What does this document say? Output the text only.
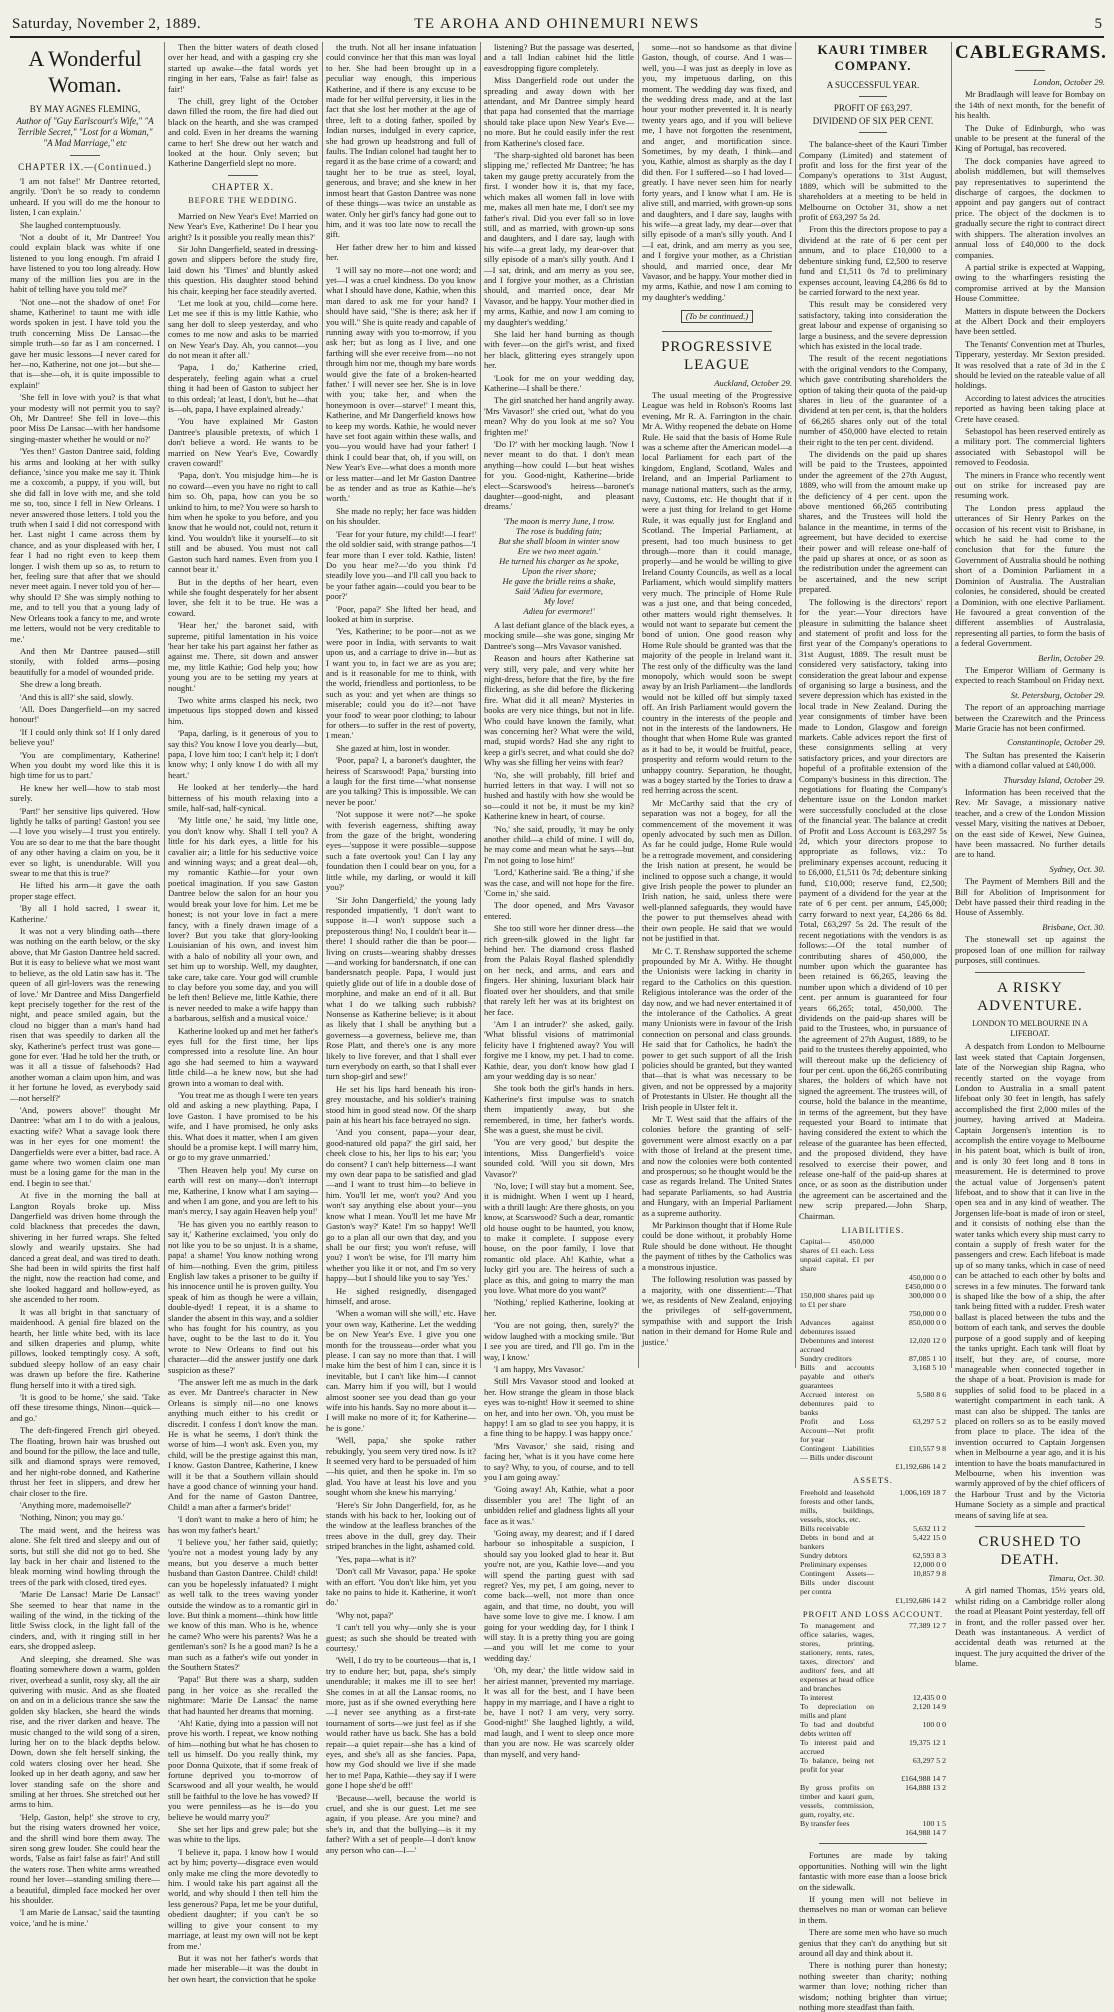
Saturday, November 2, 1889.	TE AROHA AND OHINEMURI NEWS	5
A Wonderful Woman.
BY MAY AGNES FLEMING,
Author of "Guy Earlscourt's Wife," "A Terrible Secret," "Lost for a Woman,"
"A Mad Marriage," etc
CHAPTER IX.—(Continued.)

'I am not false!' Mr Dantree retorted, angrily. 'Don't be so ready to condemn unheard. If you will do me the honour to listen, I can explain.'

She laughed contemptuously.

'Not a doubt of it, Mr Dantree! You could explain black was white if one listened to you long enough. I'm afraid I have listened to you too long already. How many of the million lies you are in the habit of telling have you told me?'

'Not one—not the shadow of one! For shame, Katherine! to taunt me with idle words spoken in jest. I have told you the truth concerning Miss De Lansac—the simple truth—so far as I am concerned. I gave her music lessons—I never cared for her—no, Katherine, not one jot—but she—that is—she—oh, it is quite impossible to explain!'

'She fell in love with you? is that what your modesty will not permit you to say? Oh, Mr Dantree! She fell in love—this poor Miss De Lansac—with her handsome singing-master whether he would or no?'

'Yes then!' Gaston Dantree said, folding his arms and looking at her with sulky defiance, 'since you make me say it. Think me a coxcomb, a puppy, if you will, but she did fall in love with me, and she told me so, too, since I fell in New Orleans. I never answered those letters. I told you the truth when I said I did not correspond with her. Last night I came across them by chance, and as your displeased with her, I fear I had no right even to keep them longer. I wish them up so as, to return to her, feeling sure that after that we should never meet again. I never told you of her—why should I? She was simply nothing to me, and to tell you that a young lady of New Orleans took a fancy to me, and wrote me letters, would not be very creditable to me.'

And then Mr Dantree paused—still stonily, with folded arms—posing beautifully for a model of wounded pride.

She drew a long breath.

'And this is all?' she said, slowly.

'All. Does Dangerfield—on my sacred honour!'

'If I could only think so! If I only dared believe you!'

'You are complimentary, Katherine! When you doubt my word like this it is high time for us to part.'

He knew her well—how to stab most surely.

'Part!' her sensitive lips quivered. 'How lightly he talks of parting! Gaston! you see—I love you wisely—I trust you entirely. You are so dear to me that the bare thought of any other having a claim on you, be it ever so light, is unendurable. Will you swear to me that this is true?'

He lifted his arm—it gave the oath proper stage effect.

'By all I hold sacred, I swear it, Katherine.'

It was not a very blinding oath—there was nothing on the earth below, or the sky above, that Mr Gaston Dantree held sacred. But it is easy to believe what we most want to believe, as the old Latin saw has it. 'The queen of all girl-lovers was the renewing of love.' Mr Dantree and Miss Dangerfield kept precisely together for the rest of the night, and peace smiled again, but the cloud no bigger than a man's hand had risen that was speedily to darken all the sky, Katherine's perfect trust was gone—gone for ever. 'Had he told her the truth, or was it all a tissue of falsehoods? Had another woman a claim upon him, and was it her fortune he loved, as everybody said—not herself?'

'And, powers above!' thought Mr Dantree: 'what am I to do with a jealous, exacting wife? What a savage look there was in her eyes for one moment! the Dangerfields were ever a bitter, bad race. A game where two women claim one man must be a losing game for the man in the end. I begin to see that.'

At five in the morning the ball at Langton Royals broke up. Miss Dangerfield was driven home through the cold blackness that precedes the dawn, shivering in her furred wraps. She felted slowly and wearily upstairs. She had danced a great deal, and was tired to death. She had been in wild spirits the first half the night, now the reaction had come, and she looked haggard and hollow-eyed, as she ascended to her room.

It was all bright in that sanctuary of maidenhood. A genial fire blazed on the hearth, her little white bed, with its lace and silken draperies and plump, white pillows, looked temptingly cosy. A soft, subdued sleepy hollow of an easy chair was drawn up before the fire. Katherine flung herself into it with a tired sigh.

'It is good to be home,' she said. 'Take off these tiresome things, Ninon—quick—and go.'

The deft-fingered French girl obeyed. The floating, brown hair was brushed out and bound for the pillow, the lace and tulle, silk and diamond sprays were removed, and her night-robe donned, and Katherine thrust her feet in slippers, and drew her chair closer to the fire.

'Anything more, mademoiselle?'

'Nothing, Ninon; you may go.'

The maid went, and the heiress was alone. She felt tired and sleepy and out of sorts, but still she did not go to bed. She lay back in her chair and listened to the bleak morning wind howling through the trees of the park with closed, tired eyes.

'Marie De Lansac! Marie De Lansac!' She seemed to hear that name in the wailing of the wind, in the ticking of the little Swiss clock, in the light fall of the cinders, and, with it ringing still in her ears, she dropped asleep.

And sleeping, she dreamed. She was floating somewhere down a warm, golden river, overhead a sunlit, rosy sky, all the air quivering with music. And as she floated on and on in a delicious trance she saw the golden sky blacken, she heard the winds rise, and the river darken and heave. The music changed to the wild song of a siren, luring her on to the black depths below. Down, down she felt herself sinking, the cold waters closing over her head. She looked up in her death agony, and saw her lover standing safe on the shore and smiling at her throes. She stretched out her arms to him.

'Help, Gaston, help!' she strove to cry, but the rising waters drowned her voice, and the shrill wind bore them away. The siren song grew louder. She could hear the words, 'False as fair! false as fair!' And still the waters rose. Then white arms wreathed round her lover—standing smiling there—a beautiful, dimpled face mocked her over his shoulder.

'I am Marie de Lansac,' said the taunting voice, 'and he is mine.'

Then the bitter waters of death closed over her head, and with a gasping cry she started up awake—the fatal words yet ringing in her ears, 'False as fair! false as fair!'

The chill, grey light of the October dawn filled the room, the fire had died out black on the hearth, and she was cramped and cold. Even in her dreams the warning came to her! She drew out her watch and looked at the hour. Only seven; but Katherine Dangerfield slept no more.

CHAPTER X.
BEFORE THE WEDDING.

Married on New Year's Eve! Married on New Year's Eve, Katherine! Do I hear you aright? Is it possible you really mean this?'

Sir John Dangerfield, seated in dressing-gown and slippers before the study fire, laid down his 'Times' and bluntly asked this question. His daughter stood behind his chair, keeping her face steadily averted.

'Let me look at you, child—come here. Let me see if this is my little Kathie, who sang her doll to sleep yesterday, and who comes to me now and asks to be married on New Year's Day. Ah, you cannot—you do not mean it after all.'

'Papa, I do,' Katherine cried, desperately, feeling again what a cruel thing it had been of Gaston to subject her to this ordeal; 'at least, I don't, but he—that is—oh, papa, I have explained already.'

'You have explained Mr Gaston Dantree's plausible pretexts, of which I don't believe a word. He wants to be married on New Year's Eve, Cowardly craven coward!'

'Papa, don't. You misjudge him—he is no coward—even you have no right to call him so. Oh, papa, how can you be so unkind to him, to me? You were so harsh to him when he spoke to you before, and you know that he would not, could not, return it kind. You wouldn't like it yourself—to sit still and be abused. You must not call Gaston such hard names. Even from you I cannot bear it.'

But in the depths of her heart, even while she fought desperately for her absent lover, she felt it to be true. He was a coward.

'Hear her,' the baronet said, with supreme, pitiful lamentation in his voice 'hear her take his part against her father as against me. There, sit down and answer me, my little Kathie; God help you; how young you are to be setting my years at nought.'

Two white arms clasped his neck, two impetuous lips stopped down and kissed him.

'Papa, darling, is it generous of you to say this? You know I love you dearly—but, papa, I love him too; I can't help it; I don't know why; I only know I do with all my heart.'

He looked at her tenderly—the hard bitterness of his mouth relaxing into a smile, half-sad, half-cynical.

'My little one,' he said, 'my little one, you don't know why. Shall I tell you? A little for his dark eyes, a little for his cavalier air; a little for his seductive voice and winning ways; and a great deal—oh, my romantic Kathie—for your own poetical imagination. If you saw Gaston Dantree below the salon for an hour you would break your love for him. Let me be honest; is not your love in fact a mere fancy, with a finely drawn image of a lover? But you take that glory-looking Louisianian of his own, and invest him with a halo of nobility all your own, and set him up to worship. Well, my daughter, take care, take care. Your god will crumble to clay before you some day, and you will be left then! Believe me, little Kathie, there is never needed to make a wife happy than a barbarous, selfish and a musical voice.'

Katherine looked up and met her father's eyes full for the first time, her lips compressed into a resolute line. An hour ago she had seemed to him a wayward little child—a he knew now, but she had grown into a woman to deal with.

'You treat me as though I were ten years old and asking a new plaything. Papa, I love Gaston. I have promised to be his wife, and I have promised, he only asks this. What does it matter, when I am given should be a promise kept. I will marry him, or go to my grave unmarried.'

'Then Heaven help you! My curse on earth will rest on many—don't interrupt me, Katherine, I know what I am saying—and when I am gone, and you are left to his man's mercy, I say again Heaven help you!'

'He has given you no earthly reason to say it,' Katherine exclaimed, 'you only do not like you to be so unjust. It is a shame, papa! a shame! You know nothing wrong of him—nothing. Even the grim, pitiless English law takes a prisoner to be guilty if his innocence until he is proven guilty. You speak of him as though he were a villain, double-dyed! I repeat, it is a shame to slander the absent in this way, and a soldier who has fought for his country, as you have, ought to be the last to do it. You wrote to New Orleans to find out his character—did the answer justify one dark suspicion as these?'

'The answer left me as much in the dark as ever. Mr Dantree's character in New Orleans is simply nil—no one knows anything much either to his credit or discredit. I confess I don't know the man. He is what he seems, I don't think the worse of him—I won't ask. Even you, my child, will be the prestige against this man, I know. Gaston Dantree, Katherine, I knew will it be that a Southern villain should have a good chance of winning your hand. And for the name of Gaston Dantree, Child! a man after a farmer's bride!'

'I don't want to make a hero of him; he has won my father's heart.'

'I believe you,' her father said, quietly; 'you're not a modest young lady by any means, but you deserve a much better husband than Gaston Dantree. Child! child! can you be hopelessly infatuated? I might as well talk to the trees waving yonder outside the window as to a romantic girl in love. But think a moment—think how little we know of this man. Who is he, whence he came? Who were his parents? Was he a gentleman's son? Is he a good man? Is he a man such as a father's wife out yonder in the Southern States?'

'Papa!' But there was a sharp, sudden pang in her voice as she recalled the nightmare: 'Marie De Lansac' the name that had haunted her dreams that morning.

'Ah! Katie, dying into a passion will not prove his worth. I repeat, we know nothing of him—nothing but what he has chosen to tell us himself. Do you really think, my poor Donna Quixote, that if some freak of fortune deprived you to-morrow of Scarswood and all your wealth, he would still be faithful to the love he has vowed? If you were penniless—as he is—do you believe he would marry you?'

She set her lips and grew pale; but she was white to the lips.

'I believe it, papa. I know how I would act by him; poverty—disgrace even would only make me cling the more devotedly to him. I would take his part against all the world, and why should I then tell him the less generous? Papa, let me be your dutiful, obedient daughter; if you can't be so willing to give your consent to my marriage, at least my own will not be kept from me.'

But it was not her father's words that made her miserable—it was the doubt in her own heart, the conviction that he spoke

the truth. Not all her insane infatuation could convince her that this man was loyal to her. She had been brought up in a peculiar way enough, this imperious Katherine, and if there is any excuse to be made for her wilful perversity, it lies in the fact that she lost her mother at the age of three, left to a doting father, spoiled by Indian nurses, indulged in every caprice, she had grown up headstrong and full of faults. The Indian colonel had taught her to regard it as the base crime of a coward; and taught her to be true as steel, loyal, generous, and brave; and she knew in her inmost heart that Gaston Dantree was none of these things—was twice an unstable as water. Only her girl's fancy had gone out to him, and it was too late now to recall the gift.

Her father drew her to him and kissed her.

'I will say no more—not one word; and yet—I was a cruel kindness. Do you know what I should have done, Kathie, when this man dared to ask me for your hand? I should have said, "She is there; ask her if you will." She is quite ready and capable of running away with you to-morrow, if you ask her; but as long as I live, and one farthing will she ever receive from—no not through him nor me, though my bare words would give the fate of a broken-hearted father.' I will never see her. She is in love with you; take her, and when the honeymoon is over—starve!' I meant this, Katherine, and Mr Dangerfield knows how to keep my words. Kathie, he would never have set foot again within these walls, and you—you would have had your father! I think I could bear that, oh, if you will, on New Year's Eve—what does a month more or less matter—and let Mr Gaston Dantree be as tender and as true as Kathie—he's worth.'

She made no reply; her face was hidden on his shoulder.

'Fear for your future, my child!—I fear!' the old soldier said, with strange pathos—'I fear more than I ever told. Kathie, listen! Do you hear me?—'do you think I'd steadily love you—and I'll call you back to be your father again—could you bear to be poor?'

'Poor, papa?' She lifted her head, and looked at him in surprise.

'Yes, Katherine; to be poor—not as we were poor in India, with servants to wait upon us, and a carriage to drive in—but as I want you to, in fact we are as you are; and is it reasonable for me to think, with the world, friendless and portionless, to be such as you: and yet when are things so miserable; could you do it?—not 'have your food' to wear poor clothing; to labour for others—to suffer in the rest of poverty, I mean.'

She gazed at him, lost in wonder.

'Poor, papa? I, a baronet's daughter, the heiress of Scarswood! Papa,' bursting into a laugh for the first time—'what nonsense are you talking? This is impossible. We can never be poor.'

'Not suppose it were not?'—he spoke with feverish eagerness, shifting away from the gaze of the bright, wondering eyes—'suppose it were possible—suppose such a fate overtook you! Can I lay any foundation then I could bear on you, for a little while, my darling, or would it kill you?'

'Sir John Dangerfield,' the young lady responded impatiently, 'I don't want to suppose it—I won't suppose such a preposterous thing! No, I couldn't bear it—there! I should rather die than be poor—living on crusts—wearing shabby dresses—and working for bandersnatch, if one can bandersnatch people. Papa, I would just quietly glide out of life in a double dose of morphine, and make an end of it all. But what I do we talking such rubbish? Nonsense as Katherine believe; is it about as likely that I shall be anything but a governess—a governess, believe me, than Rose Platt, and there's one is any more likely to live forever, and that I shall ever turn everybody on earth, so that I shall ever turn shop-girl and sew!'

He set his lips hard beneath his iron-grey moustache, and his soldier's training stood him in good stead now. Of the sharp pain at his heart his face betrayed no sign.

'And you consent, papa—your dear, good-natured old papa?' the girl said, her cheek close to his, her lips to his ear; 'you do consent? I can't help bitterness—I want my own dear papa to be satisfied and glad—and I want to trust him—to believe in him. You'll let me, won't you? And you won't say anything else about your—you know what I mean. You'll let me have Mr Gaston's way?' Kate! I'm so happy! We'll go to a plan all our own that day, and you shall be our first; you won't refuse, will you? I won't be wise, for I'll marry him whether you like it or not, and I'm so very happy—but I should like you to say 'Yes.'

He sighed resignedly, disengaged himself, and arose.

'When a woman will she will,' etc. Have your own way, Katherine. Let the wedding be on New Year's Eve. I give you one month for the trousseau—order what you please. I can say no more than that. I will make him the best of him I can, since it is inevitable, but I can't like him—I cannot can. Marry him if you will, but I would almost sooner see you dead than go your wife into his hands. Say no more about it—I will make no more of it; for Katherine—he is gone.'

'Well, papa,' she spoke rather rebukingly, 'you seem very tired now. Is it? It seemed very hard to be persuaded of him—his quiet, and then he spoke in. I'm so glad. You have at least his love and you sought whom she knew his marrying.'

'Here's Sir John Dangerfield, for, as he stands with his back to her, looking out of the window at the leafless branches of the trees above in the dull, grey day. Their striped branches in the light, ashamed cold.

'Yes, papa—what is it?'

'Don't call Mr Vavasor, papa.' He spoke with an effort. 'You don't like him, yet you take no pains to hide it. Katherine, it won't do.'

'Why not, papa?'

'I can't tell you why—only she is your guest; as such she should be treated with courtesy.'

'Well, I do try to be courteous—that is, I try to endure her; but, papa, she's simply unendurable; it makes me ill to see her! She comes in at all the Lansac rooms, no more, just as if she owned everything here—I never see anything as a first-rate tournament of sorts—we just feel as if she would rather have us back. She has a bold repair—a quiet repair—she has a kind of eyes, and she's all as she fancies. Papa, how my God should we live if she made her to me! Papa, Kathie—they say if I were gone I hope she'd be off!'

'Because—well, because the world is cruel, and she is our guest. Let me see again, if you please. Are you mine? and she's in, and that the bullying—is it my father? With a set of people—I don't know any person who can—I—'

listening? But the passage was deserted, and a tall Indian cabinet hid the little eavesdropping figure completely.

Miss Dangerfield rode out under the spreading and away down with her attendant, and Mr Dantree simply heard that papa had consented that the marriage should take place upon New Year's Eve—no more. But he could easily infer the rest from Katherine's closed face.

'The sharp-sighted old baronet has been slipping me,' reflected Mr Dantree; 'he has taken my gauge pretty accurately from the first. I wonder how it is, that my face, which makes all women fall in love with me, makes all men hate me, I don't see my father's rival. Did you ever fall so in love still, and as married, with grown-up sons and daughters, and I dare say, laugh with his wife—a great lady, my dear-over that silly episode of a man's silly youth. And I—I sat, drink, and am merry as you see, and I forgive your mother, as a Christian should, and married once, dear Mr Vavasor, and be happy. Your mother died in my arms, Kathie, and now I am coming to my daughter's wedding.'

She laid her hand burning as though with fever—on the girl's wrist, and fixed her black, glittering eyes strangely upon her.

'Look for me on your wedding day, Katherine—I shall be there.'

The girl snatched her hand angrily away. 'Mrs Vavasor!' she cried out, 'what do you mean? Why do you look at me so? You frighten me!'

'Do I?' with her mocking laugh. 'Now I never meant to do that. I don't mean anything—how could I—but heat wishes for you. Good-night, Katherine—bride elect—Scarswood's heiress—baronet's daughter—good-night, and pleasant dreams.'

'The moon is merry June, I trow.
The rose is budding fain;
But she shall bloom in winter snow
Ere we two meet again.'
He turned his charger as he spoke,
Upon the river shore;
He gave the bridle reins a shake,
Said 'Adieu for evermore,
My love!
Adieu for evermore!'

A last defiant glance of the black eyes, a mocking smile—she was gone, singing Mr Dantree's song—Mrs Vavasor vanished.

Reason and hours after Katherine sat very still, very pale, and very white her night-dress, before that the fire, by the fire flickering, as she did before the flickering fire. What did it all mean? Mysteries in books are very nice things, but not in life. Who could have known the family, what was concerning her? What were the wild, mad, stupid words? Had she any right to keep a girl's secret, and what could she do? Why was she filling her veins with fear?

'No, she will probably, fill brief and hurried letters in that way. I will not so hushed and hastily with how she would be so—could it not be, it must be my kin? Katherine knew in heart, of course.

'No,' she said, proudly, 'it may be only another child—a child of mine. I will do, he may come and mean what he says—but I'm not going to lose him!'

'Lord,' Katherine said. 'Be a thing,' if she was the case, and will not hope for the fire. 'Come in,' she said.

The door opened, and Mrs Vavasor entered.

She too still wore her dinner dress—the rich green-silk glowed in the light far behind her. The diamond cross flashed from the Palais Royal flashed splendidly on her neck, and arms, and ears and fingers. Her shining, luxuriant black hair floated over her shoulders, and that smile that rarely left her was at its brightest on her face.

'Am I an intruder?' she asked, gaily. 'What blissful visions of matrimonial felicity have I frightened away? You will forgive me I know, my pet. I had to come. Kathie, dear, you don't know how glad I am your wedding day is so near.'

She took both the girl's hands in hers. Katherine's first impulse was to snatch them impatiently away, but she remembered, in time, her father's words. She was a guest, she must be civil.

'You are very good,' but despite the intentions, Miss Dangerfield's voice sounded cold. 'Will you sit down, Mrs Vavasor?'

'No, love; I will stay but a moment. See, it is midnight. When I went up I heard, with a thrill laugh: Are there ghosts, on you know, at Scarswood? Such a dear, romantic old house ought to be haunted, you know, to make it complete. I suppose every house, on the poor family, I love that romantic old place. Ah! Kathie, what a lucky girl you are. The heiress of such a place as this, and going to marry the man you love. What more do you want?'

'Nothing,' replied Katherine, looking at her.

'You are not going, then, surely?' the widow laughed with a mocking smile. 'But I see you are tired, and I'll go. I'm in the way, I know.'

'I am happy, Mrs Vavasor.'

Still Mrs Vavasor stood and looked at her. How strange the gleam in those black eyes was to-night! How it seemed to shine on her, and into her own. 'Oh, you must be happy! I am so glad to see you happy, it is a fine thing to be happy. I was happy once.'

'Mrs Vavasor,' she said, rising and facing her, 'what is it you have come here to say? Why, to you, of course, and to tell you I am going away.'

'Going away! Ah, Kathie, what a poor dissembler you are! The light of an unbidden relief and gladness lights all your face as it was.'

'Going away, my dearest; and if I dared harbour so inhospitable a suspicion, I should say you looked glad to hear it. But you're not, are you, Kathie love—and you will spend the parting guest with sad regret? Yes, my pet, I am going, never to come back—well, not more than once again, and that time, no doubt, you will have some love to give me. I know. I am going for your wedding day, for I think I will stay. It is a pretty thing you are going—and you will let me come to your wedding day.'

'Oh, my dear,' the little widow said in her airiest manner, 'prevented my marriage. It was all for the best, and I have been happy in my marriage, and I have a right to be, have I not? I am very, very sorry. Good-night!' She laughed lightly, a wild, mad laugh, and I went to sleep once more than you are now. He was scarcely older than myself, and very hand-

some—not so handsome as that divine Gaston, though, of course. And I was—well, you—I was just as deeply in love as you, my impetuous darling, on this moment. The wedding day was fixed, and the wedding dress made, and at the last hour your mother prevented it. It is nearly twenty years ago, and if you will believe me, I have not forgotten the resentment, and anger, and mortification since. Sometimes, by my death, I think—and you, Kathie, almost as sharply as the day I did then. For I suffered—so I had loved—greatly. I have never seen him for nearly forty years, and I know what I am. He is alive still, and married, with grown-up sons and daughters, and I dare say, laughs with his wife—a great lady, my dear—over that silly episode of a man's silly youth. And I—I eat, drink, and am merry as you see, and I forgive your mother, as a Christian should, and married once, dear Mr Vavasor, and be happy. Your mother died in my arms, Kathie, and now I am coming to my daughter's wedding.'

(To be continued.)
PROGRESSIVE LEAGUE
Auckland, October 29.

The usual meeting of the Progressive League was held in Robson's Rooms last evening, Mr R. A. Farrington in the chair. Mr A. Withy reopened the debate on Home Rule. He said that the basis of Home Rule was a scheme after the American model—a local Parliament for each part of the kingdom, England, Scotland, Wales and Ireland, and an Imperial Parliament to manage national matters, such as the army, navy, Customs, etc. He thought that if it were a just thing for Ireland to get Home Rule, it was equally just for England and Scotland. The Imperial Parliament, at present, had too much business to get through—more than it could manage, properly—and he would be willing to give Ireland County Councils, as well as a local Parliament, which would simplify matters very much. The principle of Home Rule was a just one, and that being conceded, other matters would right themselves. It would not want to separate but cement the bond of union. One good reason why Home Rule should be granted was that the majority of the people in Ireland want it. The rest only of the difficulty was the land monopoly, which would soon be swept away by an Irish Parliament—the landlords would not be killed off but simply taxed off. An Irish Parliament would govern the country in the interests of the people and not in the interests of the landowners. He thought that when Home Rule was granted as it had to be, it would be fruitful, peace, prosperity and reform would return to the unhappy country. Separation, he thought, was a bogey started by the Tories to draw a red herring across the scent.

Mr McCarthy said that the cry of separation was not a bogey, for all the commencement of the movement it was openly advocated by such men as Dillon. As far he could judge, Home Rule would be a retrograde movement, and considering the Irish nation at present, he would be inclined to oppose such a change, it would give Irish people the power to plunder an Irish nation, he said, unless there were well-planned safeguards, they would have the power to put themselves ahead with their own people. He said that we would not be justified in that.

Mr C. T. Renshaw supported the scheme propounded by Mr A. Withy. He thought the Unionists were lacking in charity in regard to the Catholics on this question. Religious intolerance was the order of the day now, and we had never entertained it of the intolerance of the Catholics. A great many Unionists were in favour of the Irish connection on personal and class grounds. He said that for Catholics, he hadn't the power to get such support of all the Irish policies should be granted, but they wanted that—that is what was necessary to be given, and not be oppressed by a majority of Protestants in Ulster. He thought all the Irish people in Ulster felt it.

Mr T. West said that the affairs of the colonies before the granting of self-government were almost exactly on a par with those of Ireland at the present time, and now the colonies were both contented and prosperous; so he thought would be the case as regards Ireland. The United States had separate Parliaments, so had Austria and Hungary, with an Imperial Parliament as a supreme authority.

Mr Parkinson thought that if Home Rule could be done without, it probably Home Rule should be done without. He thought the payment of tithes by the Catholics was a monstrous injustice.

The following resolution was passed by a majority, with one dissentient:—'That we, as residents of New Zealand, enjoying the privileges of self-government, sympathise with and support the Irish nation in their demand for Home Rule and justice.'

KAURI TIMBER COMPANY.
A SUCCESSFUL YEAR.
PROFIT OF £63,297.
DIVIDEND OF SIX PER CENT.

The balance-sheet of the Kauri Timber Company (Limited) and statement of profit and loss for the first year of the Company's operations to 31st August, 1889, which will be submitted to the shareholders at a meeting to be held in Melbourne on October 31, show a net profit of £63,297 5s 2d.

From this the directors propose to pay a dividend at the rate of 6 per cent per annum, and to place £10,000 to a debenture sinking fund, £2,500 to reserve fund and £1,511 0s 7d to preliminary expenses account, leaving £4,286 6s 8d to be carried forward to the next year.

This result may be considered very satisfactory, taking into consideration the great labour and expense of organising so large a business, and the severe depression which has existed in the local trade.

The result of the recent negotiations with the original vendors to the Company, which gave contributing shareholders the option of taking their quota of the paid-up shares in lieu of the guarantee of a dividend at ten per cent, is, that the holders of 66,265 shares only out of the total number of 450,000 have elected to retain their right to the ten per cent. dividend.

The dividends on the paid up shares will be paid to the Trustees, appointed under the agreement of the 27th August, 1889, who will from the amount make up the deficiency of 4 per cent. upon the above mentioned 66,265 contributing shares, and the Trustees will hold the balance in the meantime, in terms of the agreement, but have decided to exercise their power and will release one-half of the paid up shares at once, or as soon as the redistribution under the agreement can be ascertained, and the new script prepared.

The following is the directors' report for the year:—Your directors have pleasure in submitting the balance sheet and statement of profit and loss for the first year of the Company's operations to 31st August, 1889. The result must be considered very satisfactory, taking into consideration the great labour and expense of organising so large a business, and the severe depression which has existed in the local trade in New Zealand. During the year consignments of timber have been made to London, Glasgow and foreign markets. Cable advices report the first of these consignments selling at very satisfactory prices, and your directors are hopeful of a profitable extension of the Company's business in this direction. The negotiations for floating the Company's debenture issue on the London market were successfully concluded at the close of the financial year. The balance at credit of Profit and Loss Account is £63,297 5s 2d, which your directors propose to appropriate as follows, viz.: To preliminary expenses account, reducing it to £6,000, £1,511 0s 7d; debenture sinking fund, £10,000; reserve fund, £2,500; payment of a dividend for the year at the rate of 6 per cent. per annum, £45,000; carry forward to next year, £4,286 6s 8d. Total, £63,297 5s 2d. The result of the recent negotiations with the vendors is as follows:—Of the total number of contributing shares of 450,000, the number upon which the guarantee has been retained is 66,265, leaving the number upon which a dividend of 10 per cent. per annum is guaranteed for four years 66,265; total, 450,000. The dividends on the paid-up shares will be paid to the Trustees, who, in pursuance of the agreement of 27th August, 1889, to be paid to the trustees thereby appointed, who will thereout make up the deficiency of four per cent. upon the 66,265 contributing shares, the holders of which have not signed the agreement. The trustees will, of course, hold the balance in the meantime, in terms of the agreement, but they have requested your Board to intimate that having considered the extent to which the release of the guarantee has been effected, and the proposed dividend, they have resolved to exercise their power, and release one-half of the paid-up shares at once, or as soon as the distribution under the agreement can be ascertained and the new scrip prepared.—John Sharp, Chairman.

LIABILITIES.
Capital— 450,000 shares of £1 each. Less unpaid capital, £1 per share	
	450,000 0 0
	£450,000 0 0
150,000 shares paid up to £1 per share	300,000 0 0
	750,000 0 0
Advances against debentures issued	850,000 0 0
Debentures and interest accrued	12,020 12 0
Sundry creditors	87,085 1 10
Bills and accounts payable and other's guarantees	3,168 5 10
Accrued interest on debentures paid to banks	5,580 8 6
Profit and Loss Account—Net profit for year	63,297 5 2
Contingent Liabilities— Bills under discount	£10,557 9 8
	£1,192,686 14 2
ASSETS.
Freehold and leasehold forests and other lands, mills, buildings, vessels, stocks, etc.	1,006,169 18 7
Bills receivable	5,632 11 2
Debts in bond and at bankers	5,422 15 0
Sundry debtors	62,593 8 3
Preliminary expenses	12,000 0 0
Contingent Assets— Bills under discount per contra	10,857 9 8
	£1,192,686 14 2
PROFIT AND LOSS ACCOUNT.
To management and office salaries, wages, stores, printing, stationery, rents, rates, taxes, directors' and auditors' fees, and all expenses at head office and branches	77,389 12 7
To interest	12,435 0 0
To depreciation on mills and plant	2,120 14 9
To bad and doubtful debts written off	100 0 0
To interest paid and accrued	19,375 12 1
To balance, being net profit for year	63,297 5 2
	£164,988 14 7
By gross profits on timber and kauri gum, vessels, commission, gum, royalty, etc.	164,888 13 2
By transfer fees	100 1 5
	164,988 14 7

Fortunes are made by taking opportunities. Nothing will win the light fantastic with more ease than a loose brick on the sidewalk.

If young men will not believe in themselves no man or woman can believe in them.

There are some men who have so much genius that they can't do anything but sit around all day and think about it.

There is nothing purer than honesty; nothing sweeter than charity; nothing warmer than love; nothing richer than wisdom; nothing brighter than virtue; nothing more steadfast than faith.

CABLEGRAMS.
London, October 29.

Mr Bradlaugh will leave for Bombay on the 14th of next month, for the benefit of his health.

The Duke of Edinburgh, who was unable to be present at the funeral of the King of Portugal, has recovered.

The dock companies have agreed to abolish middlemen, but will themselves pay representatives to superintend the discharge of cargoes, the dockmen to appoint and pay gangers out of contract price. The object of the dockmen is to gradually secure the right to contract direct with shippers. The alteration involves an annual loss of £40,000 to the dock companies.

A partial strike is expected at Wapping, owing to the wharfingers resisting the compromise arrived at by the Mansion House Committee.

Matters in dispute between the Dockers at the Albert Dock and their employers have been settled.

The Tenants' Convention met at Thurles, Tipperary, yesterday. Mr Sexton presided. It was resolved that a rate of 3d in the £ should be levied on the rateable value of all holdings.

According to latest advices the atrocities reported as having been taking place at Crete have ceased.

Sebastopol has been reserved entirely as a military port. The commercial lighters associated with Sebastopol will be removed to Feodosia.

The miners in France who recently went out on strike for increased pay are resuming work.

The London press applaud the utterances of Sir Henry Parkes on the occasion of his recent visit to Brisbane, in which he said he had come to the conclusion that for the future the Government of Australia should be nothing short of a Dominion Parliament in a Dominion of Australia. The Australian colonies, he considered, should be created a Dominion, with one elective Parliament. He favoured a great convention of the different assemblies of Australasia, representing all parties, to form the basis of a federal Government.

Berlin, October 29.

The Emperor William of Germany is expected to reach Stamboul on Friday next.

St. Petersburg, October 29.

The report of an approaching marriage between the Czarewitch and the Princess Marie Gracie has not been confirmed.

Constantinople, October 29.

The Sultan has presented the Kaiserin with a diamond collar valued at £40,000.

Thursday Island, October 29.

Information has been received that the Rev. Mr Savage, a missionary native teacher, and a crew of the London Mission vessel Mary, visiting the natives at Deboer, on the east side of Kewei, New Guinea, have been massacred. No further details are to hand.

Sydney, Oct. 30.

The Payment of Members Bill and the Bill for Abolition of Imprisonment for Debt have passed their third reading in the House of Assembly.

Brisbane, Oct. 30.

The stonewall set up against the proposed loan of one million for railway purposes, still continues.

A RISKY ADVENTURE.
LONDON TO MELBOURNE IN A LIFEBOAT.

A despatch from London to Melbourne last week stated that Captain Jorgensen, late of the Norwegian ship Ragna, who recently started on the voyage from London to Australia in a small patent lifeboat only 30 feet in length, has safely accomplished the first 2,000 miles of the journey, having arrived at Madeira. Captain Jorgensen's intention is to accomplish the entire voyage to Melbourne in his patent boat, which is built of iron, and is only 30 feet long and 8 tons in measurement. He is determined to prove the actual value of Jorgensen's patent lifeboat, and to show that it can live in the open sea and in any kind of weather. The Jorgensen life-boat is made of iron or steel, and it consists of nothing else than the water tanks which every ship must carry to contain a supply of fresh water for the passengers and crew. Each lifeboat is made up of so many tanks, which in case of need can be attached to each other by bolts and screws in a few minutes. The forward tank is shaped like the bow of a ship, the after tank being fitted with a rudder. Fresh water ballast is placed between the tubs and the bottom of each tank, and serves the double purpose of a good supply and of keeping the tanks upright. Each tank will float by itself, but they are, of course, more manageable when connected together in the shape of a boat. Provision is made for supplies of solid food to be placed in a watertight compartment in each tank. A mast can also be shipped. The tanks are placed on rollers so as to be easily moved from place to place. The idea of the invention occurred to Captain Jorgensen when in Melbourne a year ago, and it is his intention to have the boats manufactured in Melbourne, when his invention was warmly approved of by the chief officers of the Harbour Trust and by the Victoria Humane Society as a simple and practical means of saving life at sea.

CRUSHED TO DEATH.
Timaru, Oct. 30.

A girl named Thomas, 15½ years old, whilst riding on a Cambridge roller along the road at Pleasant Point yesterday, fell off in front, and the roller passed over her. Death was instantaneous. A verdict of accidental death was returned at the inquest. The jury acquitted the driver of the blame.
